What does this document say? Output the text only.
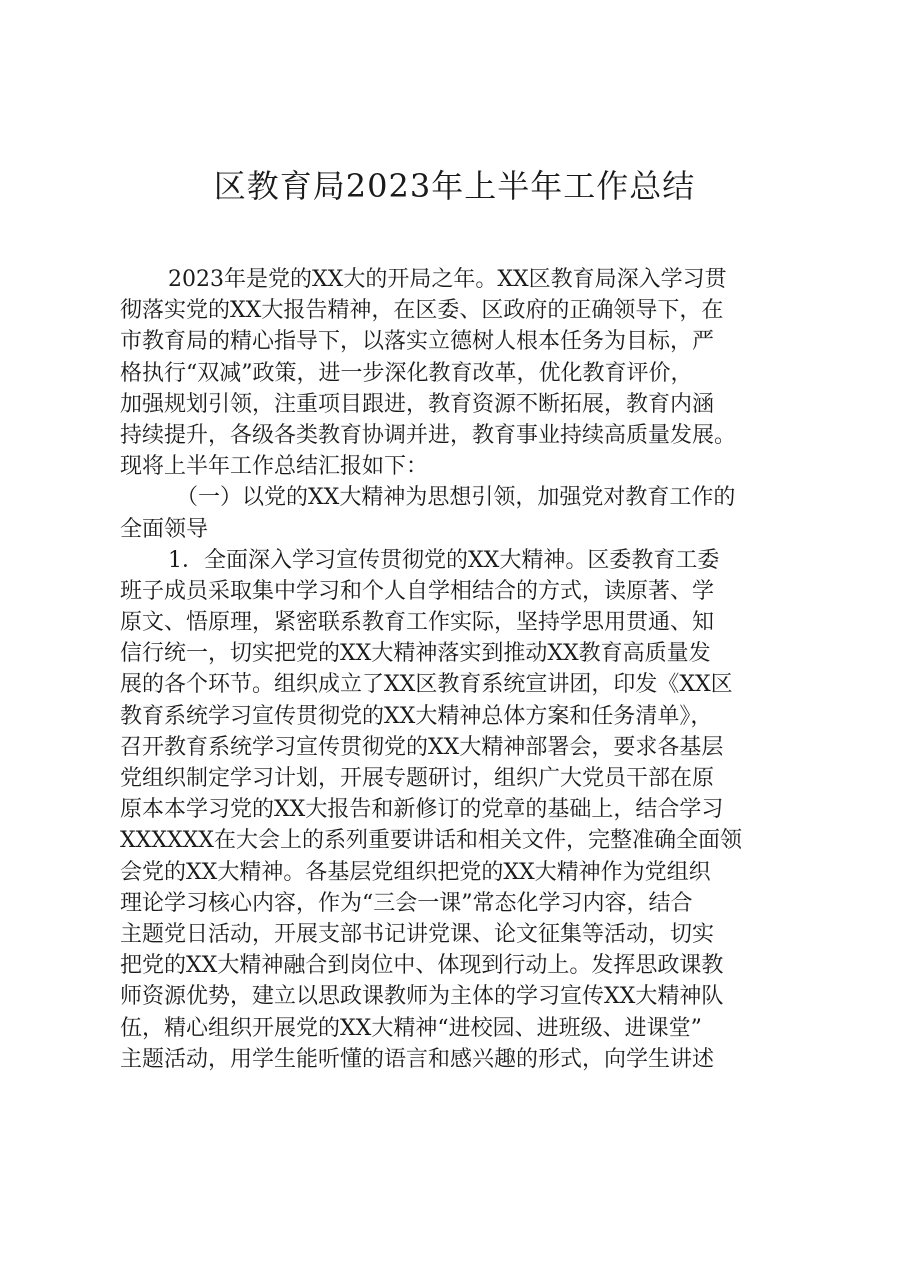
区教育局2023年上半年工作总结
2023年是党的XX大的开局之年。XX区教育局深入学习贯
彻落实党的XX大报告精神，在区委、区政府的正确领导下，在
市教育局的精心指导下，以落实立德树人根本任务为目标，严
格执行“双减”政策，进一步深化教育改革，优化教育评价，
加强规划引领，注重项目跟进，教育资源不断拓展，教育内涵
持续提升，各级各类教育协调并进，教育事业持续高质量发展。
现将上半年工作总结汇报如下：
（一）以党的XX大精神为思想引领，加强党对教育工作的
全面领导
1．全面深入学习宣传贯彻党的XX大精神。区委教育工委
班子成员采取集中学习和个人自学相结合的方式，读原著、学
原文、悟原理，紧密联系教育工作实际，坚持学思用贯通、知
信行统一，切实把党的XX大精神落实到推动XX教育高质量发
展的各个环节。组织成立了XX区教育系统宣讲团，印发《XX区
教育系统学习宣传贯彻党的XX大精神总体方案和任务清单》，
召开教育系统学习宣传贯彻党的XX大精神部署会，要求各基层
党组织制定学习计划，开展专题研讨，组织广大党员干部在原
原本本学习党的XX大报告和新修订的党章的基础上，结合学习
XXXXXX在大会上的系列重要讲话和相关文件，完整准确全面领
会党的XX大精神。各基层党组织把党的XX大精神作为党组织
理论学习核心内容，作为“三会一课”常态化学习内容，结合
主题党日活动，开展支部书记讲党课、论文征集等活动，切实
把党的XX大精神融合到岗位中、体现到行动上。发挥思政课教
师资源优势，建立以思政课教师为主体的学习宣传XX大精神队
伍，精心组织开展党的XX大精神“进校园、进班级、进课堂”
主题活动，用学生能听懂的语言和感兴趣的形式，向学生讲述
